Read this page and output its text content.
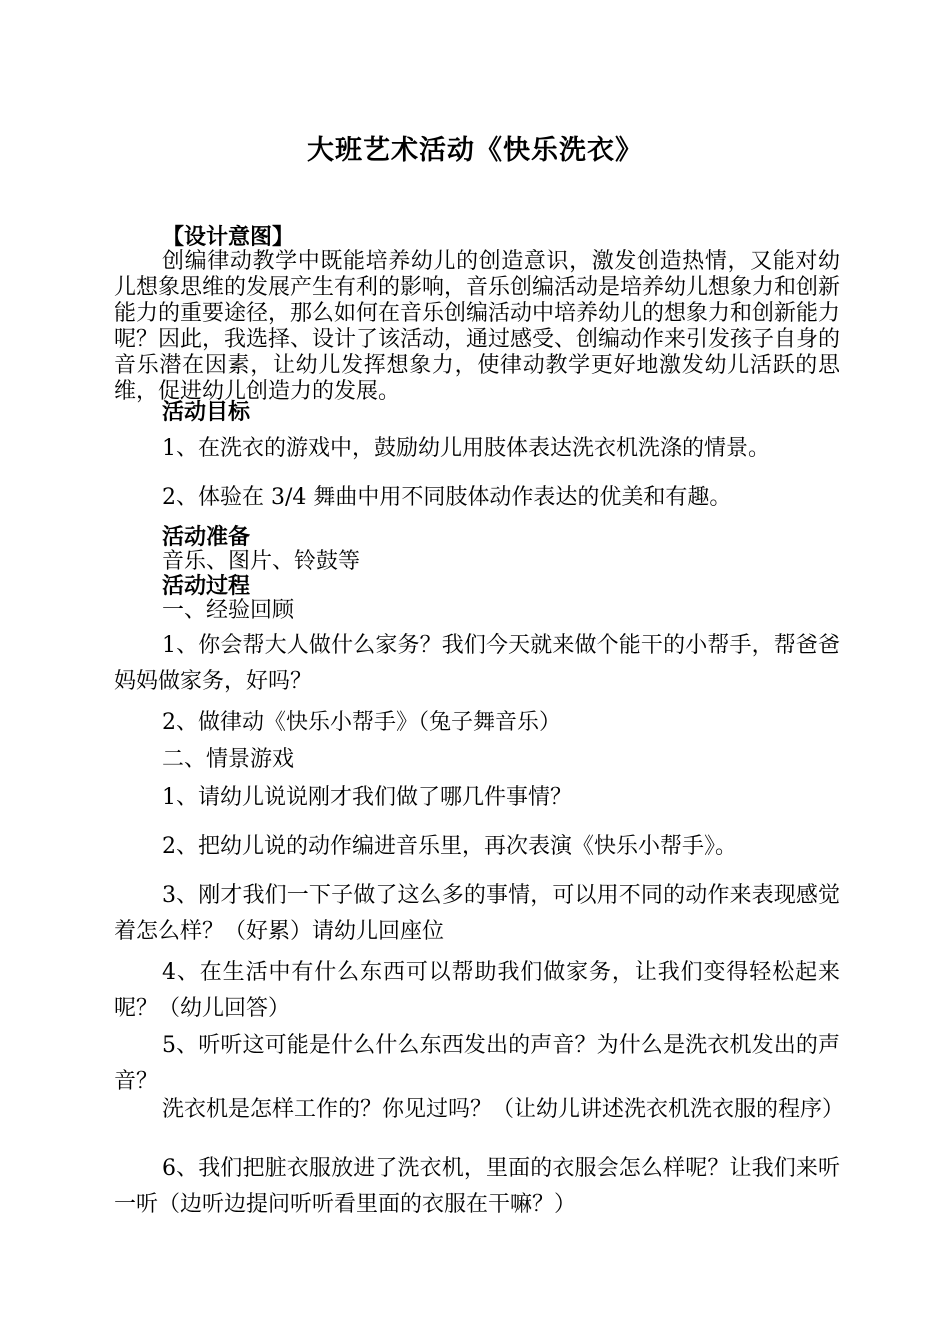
大班艺术活动《快乐洗衣》
【设计意图】
创编律动教学中既能培养幼儿的创造意识，激发创造热情，又能对幼儿想象思维的发展产生有利的影响，音乐创编活动是培养幼儿想象力和创新能力的重要途径，那么如何在音乐创编活动中培养幼儿的想象力和创新能力呢？因此，我选择、设计了该活动，通过感受、创编动作来引发孩子自身的音乐潜在因素，让幼儿发挥想象力，使律动教学更好地激发幼儿活跃的思维，促进幼儿创造力的发展。
活动目标
1、在洗衣的游戏中，鼓励幼儿用肢体表达洗衣机洗涤的情景。
2、体验在 3/4 舞曲中用不同肢体动作表达的优美和有趣。
活动准备
音乐、图片、铃鼓等
活动过程
一、经验回顾
1、你会帮大人做什么家务？我们今天就来做个能干的小帮手，帮爸爸妈妈做家务，好吗？
2、做律动《快乐小帮手》（兔子舞音乐）
二、情景游戏
1、请幼儿说说刚才我们做了哪几件事情？
2、把幼儿说的动作编进音乐里，再次表演《快乐小帮手》。
3、刚才我们一下子做了这么多的事情，可以用不同的动作来表现感觉着怎么样？（好累）请幼儿回座位
4、在生活中有什么东西可以帮助我们做家务，让我们变得轻松起来呢？（幼儿回答）
5、听听这可能是什么什么东西发出的声音？为什么是洗衣机发出的声音？
洗衣机是怎样工作的？你见过吗？（让幼儿讲述洗衣机洗衣服的程序）
6、我们把脏衣服放进了洗衣机，里面的衣服会怎么样呢？让我们来听一听（边听边提问听听看里面的衣服在干嘛？）
